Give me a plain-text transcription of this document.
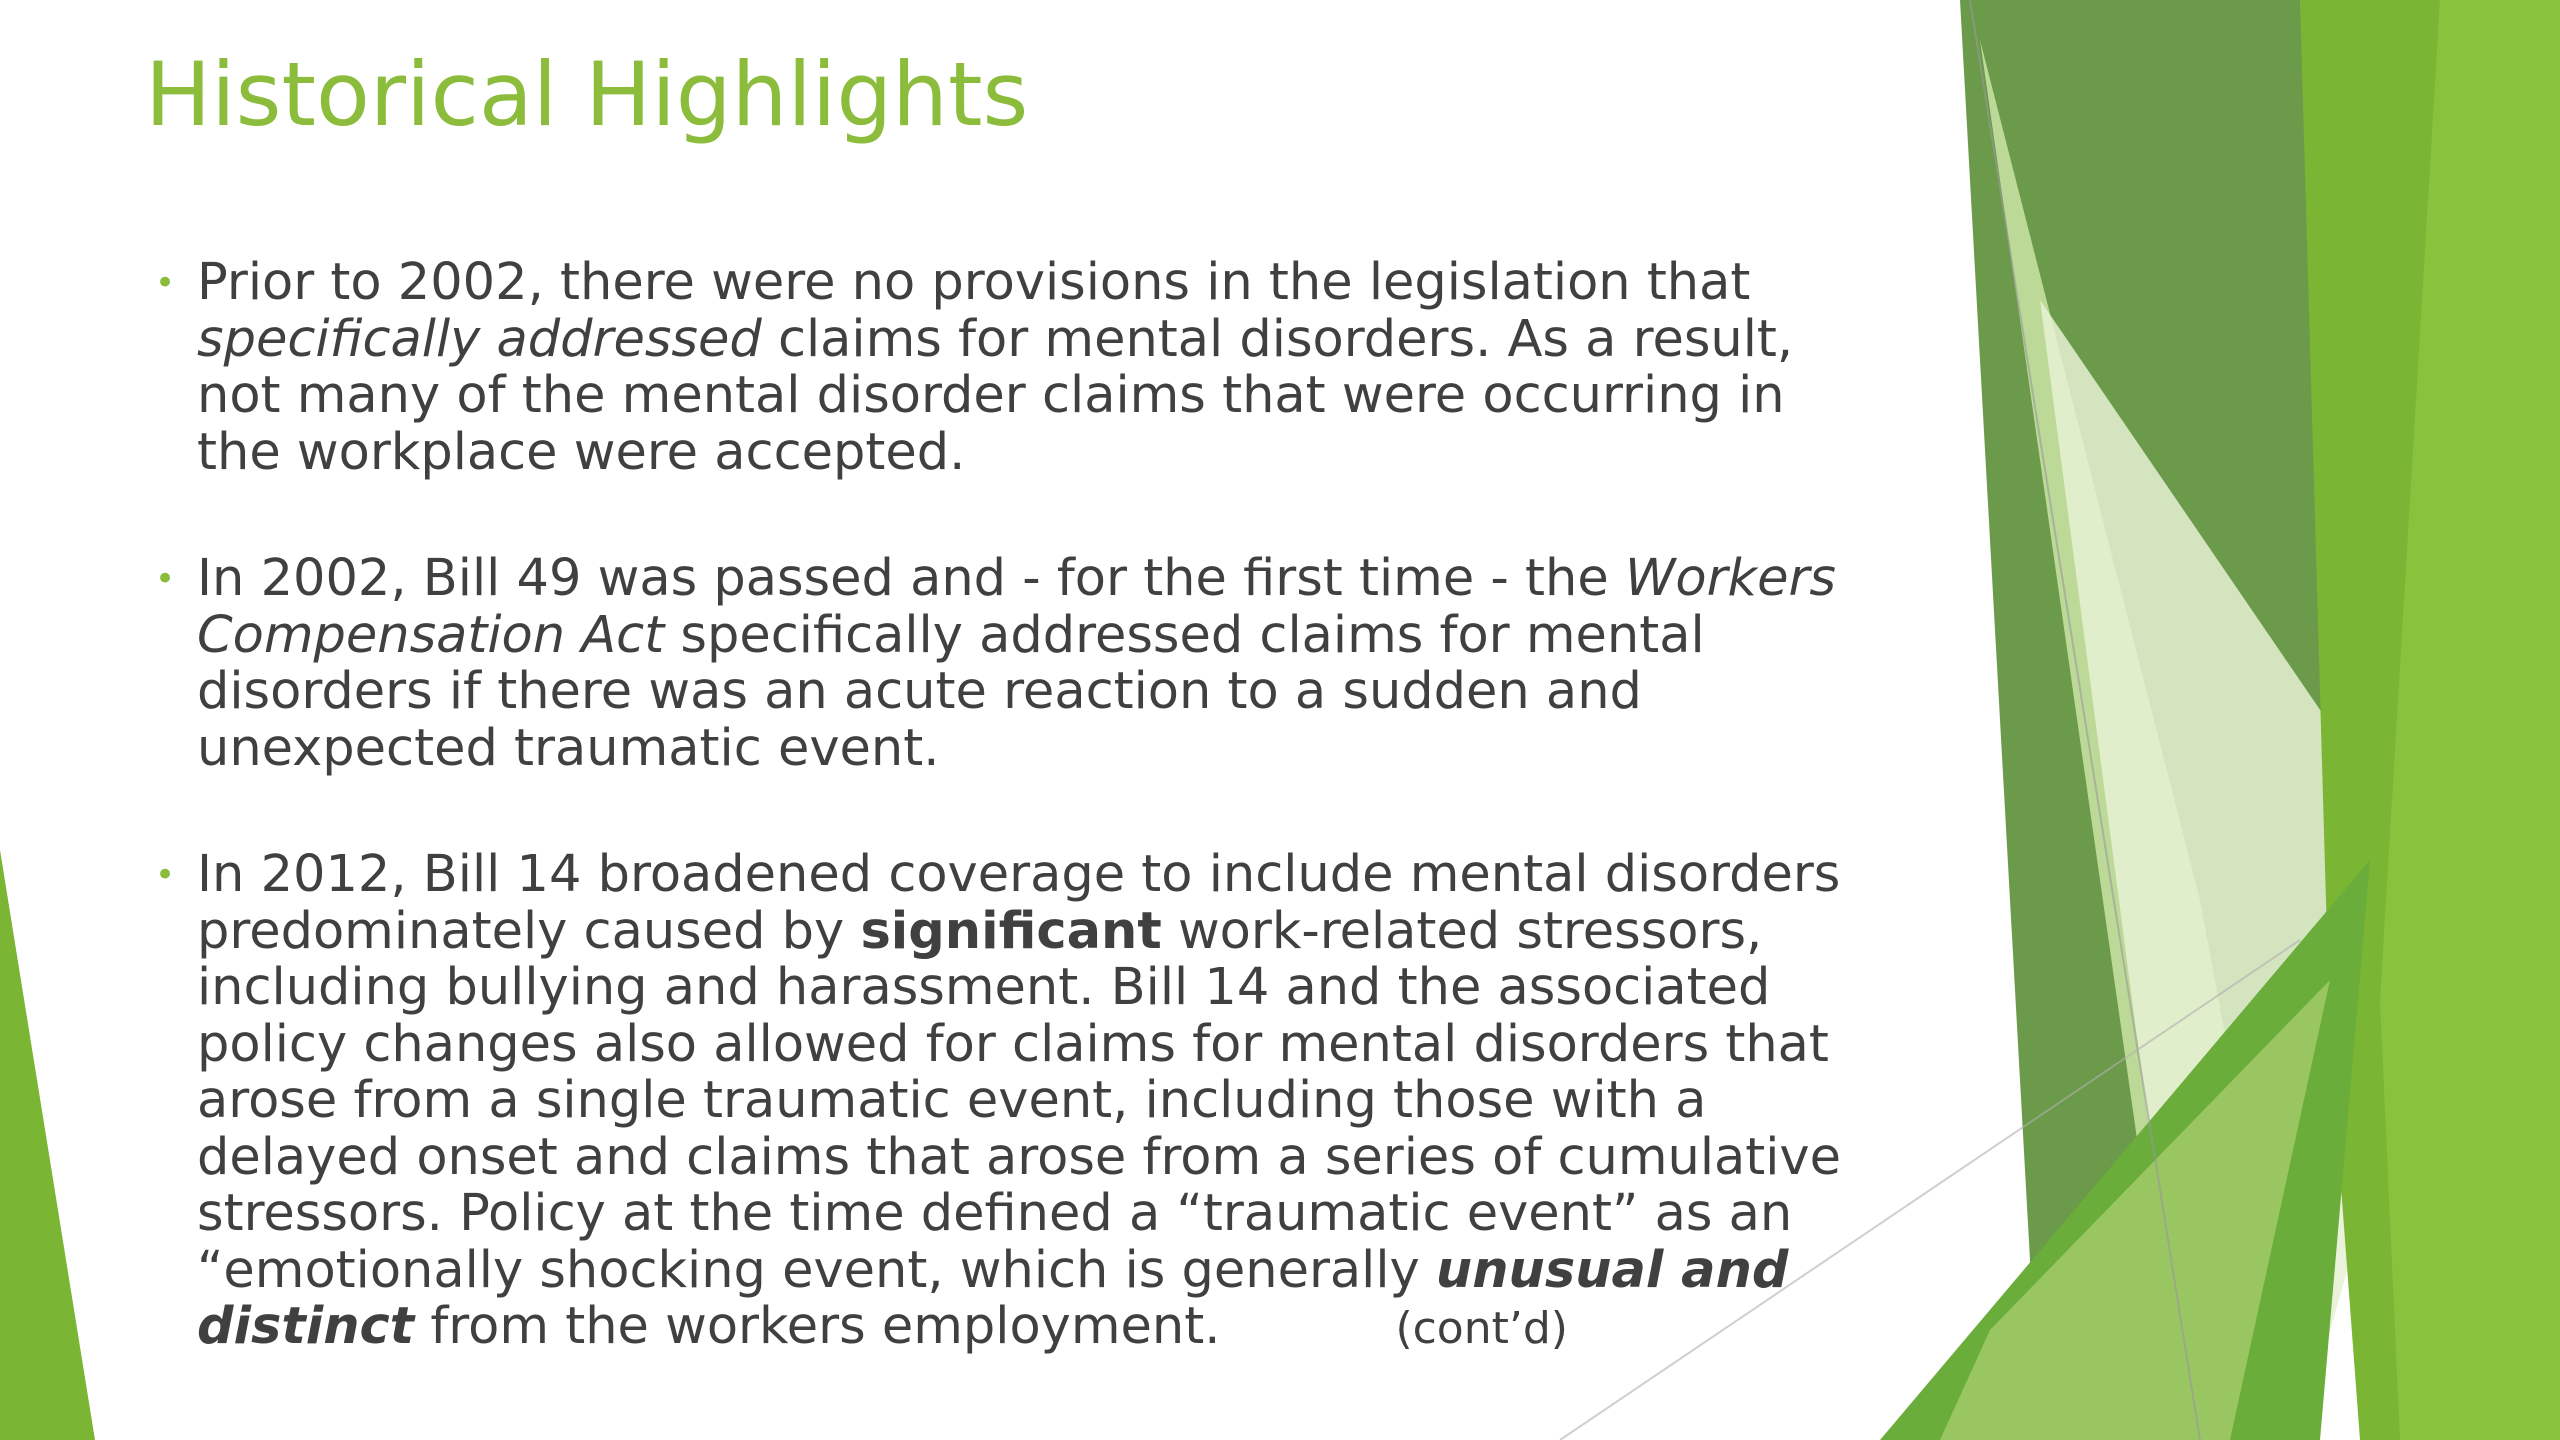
Historical Highlights
• Prior to 2002, there were no provisions in the legislation that
specifically addressed claims for mental disorders. As a result,
not many of the mental disorder claims that were occurring in
the workplace were accepted.
• In 2002, Bill 49 was passed and - for the first time - the Workers
Compensation Act specifically addressed claims for mental
disorders if there was an acute reaction to a sudden and
unexpected traumatic event.
• In 2012, Bill 14 broadened coverage to include mental disorders
predominately caused by significant work-related stressors,
including bullying and harassment. Bill 14 and the associated
policy changes also allowed for claims for mental disorders that
arose from a single traumatic event, including those with a
delayed onset and claims that arose from a series of cumulative
stressors. Policy at the time defined a “traumatic event” as an
“emotionally shocking event, which is generally unusual and
distinct from the workers employment.	(cont’d)
